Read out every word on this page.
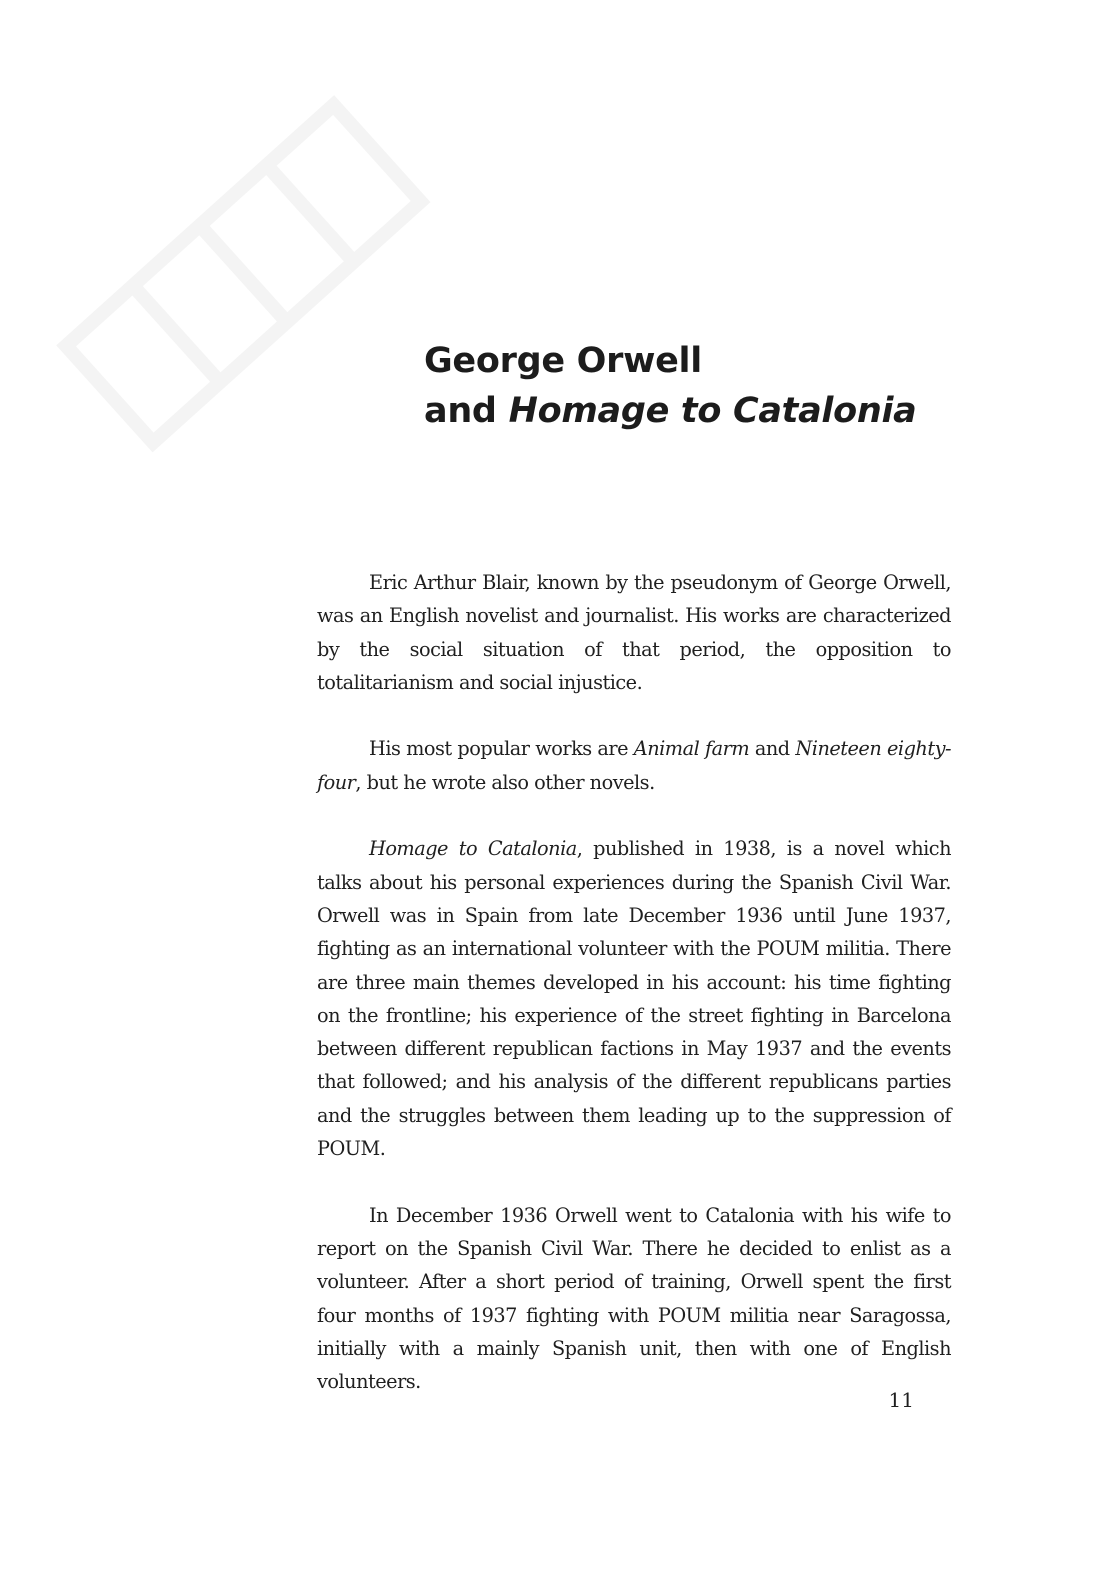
George Orwell
and Homage to Catalonia

Eric Arthur Blair, known by the pseudonym of George Orwell, was an English novelist and journalist. His works are characterized by the social situation of that period, the opposition to totalitarianism and social injustice.

His most popular works are Animal farm and Nineteen eighty-four, but he wrote also other novels.

Homage to Catalonia, published in 1938, is a novel which talks about his personal experiences during the Spanish Civil War. Orwell was in Spain from late December 1936 until June 1937, fighting as an international volunteer with the POUM militia. There are three main themes developed in his account: his time fighting on the frontline; his experience of the street fighting in Barcelona between different republican factions in May 1937 and the events that followed; and his analysis of the different republicans parties and the struggles between them leading up to the suppression of POUM.

In December 1936 Orwell went to Catalonia with his wife to report on the Spanish Civil War. There he decided to enlist as a volunteer. After a short period of training, Orwell spent the first four months of 1937 fighting with POUM militia near Saragossa, initially with a mainly Spanish unit, then with one of English volunteers.

11
